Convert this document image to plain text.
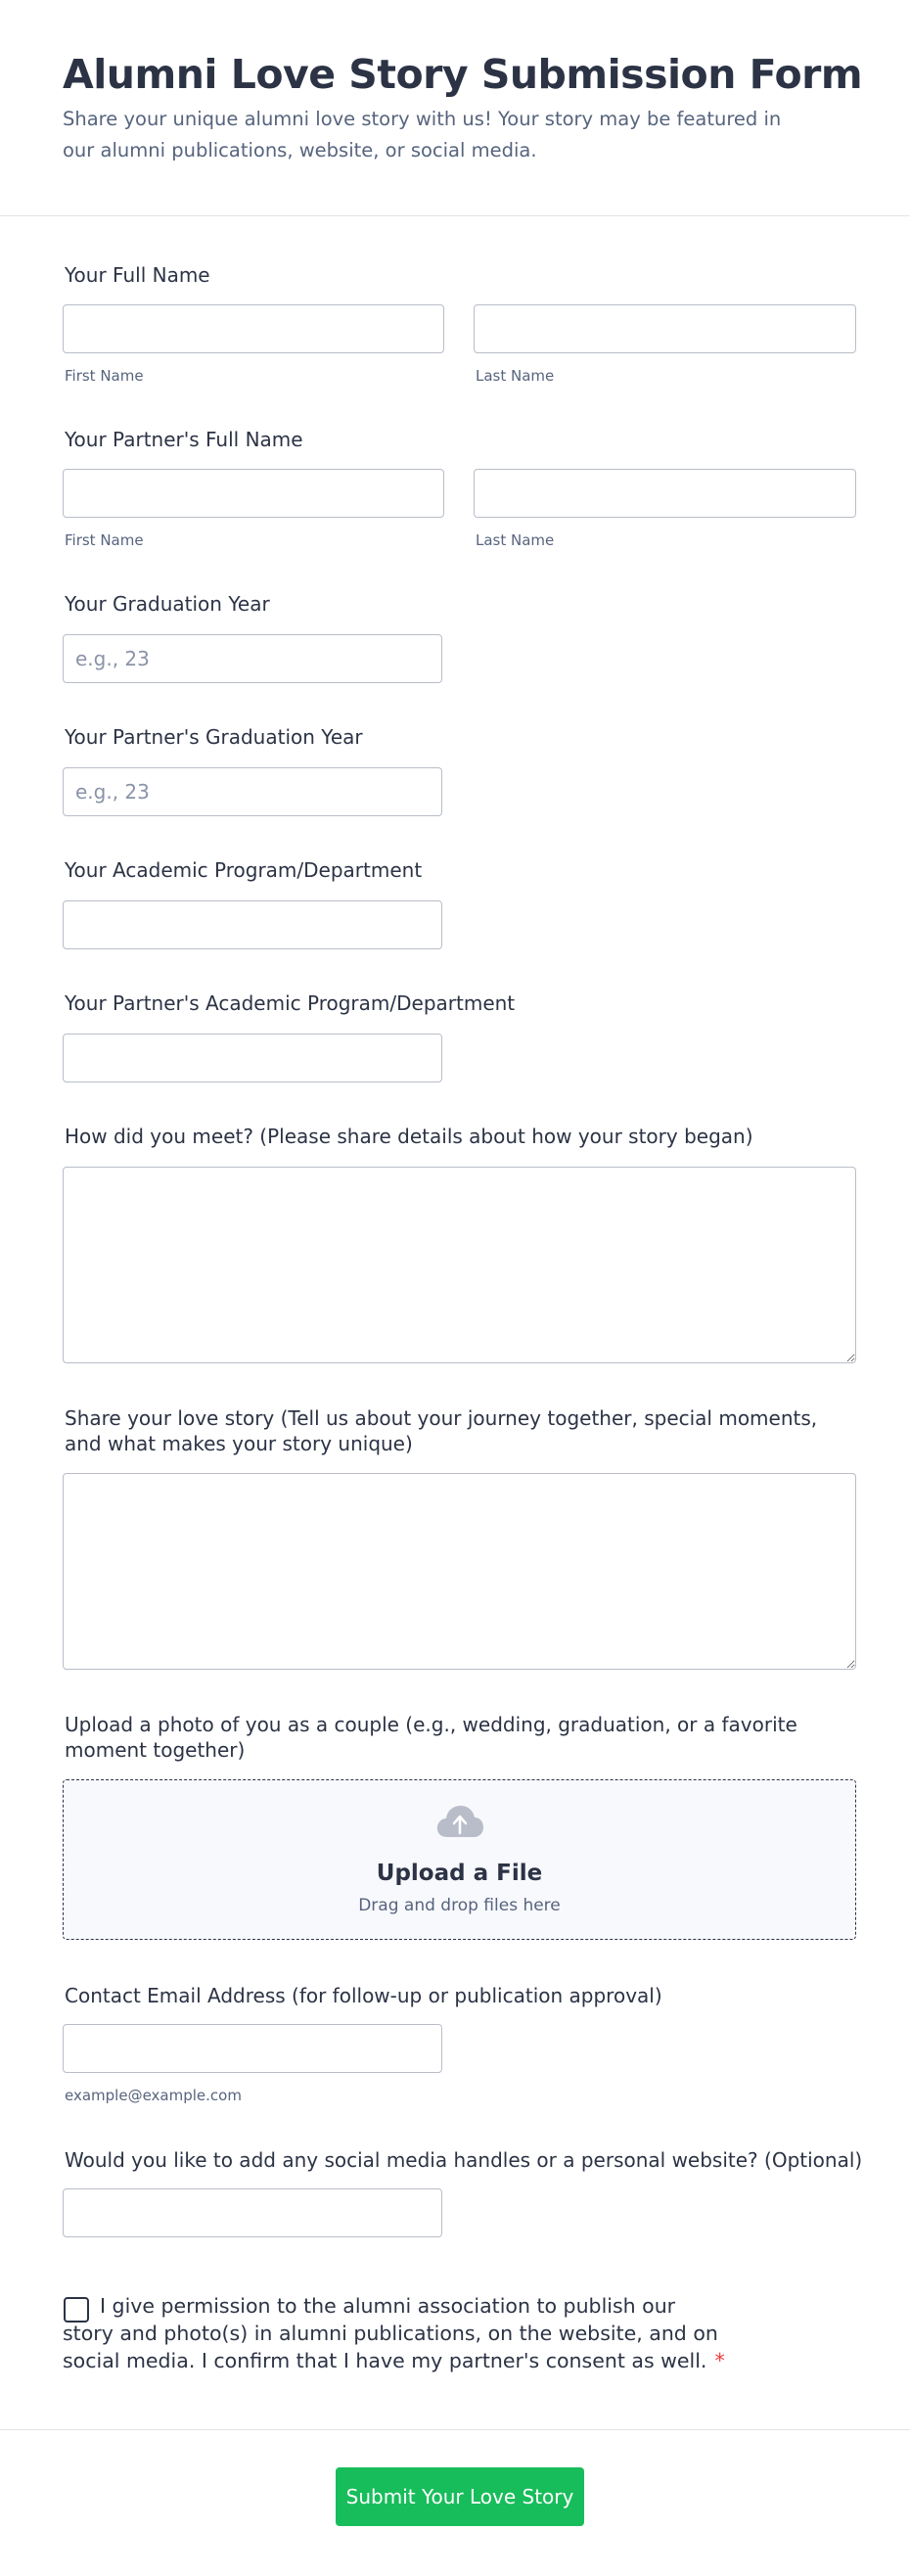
Alumni Love Story Submission Form

Share your unique alumni love story with us! Your story may be featured in our alumni publications, website, or social media.

Your Full Name
First Name	Last Name
Your Partner's Full Name
First Name	Last Name
Your Graduation Year
e.g., 23
Your Partner's Graduation Year
e.g., 23
Your Academic Program/Department
Your Partner's Academic Program/Department
How did you meet? (Please share details about how your story began)
Share your love story (Tell us about your journey together, special moments, and what makes your story unique)
Upload a photo of you as a couple (e.g., wedding, graduation, or a favorite moment together)
Upload a File
Drag and drop files here
Contact Email Address (for follow-up or publication approval)
example@example.com
Would you like to add any social media handles or a personal website? (Optional)
I give permission to the alumni association to publish our story and photo(s) in alumni publications, on the website, and on social media. I confirm that I have my partner's consent as well. *
Submit Your Love Story
